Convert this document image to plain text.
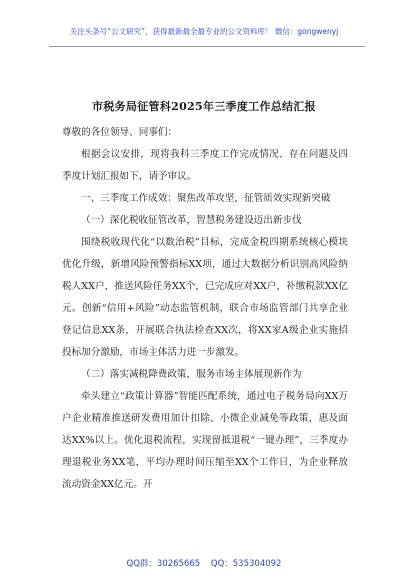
关注头条号“公文研究”，获得最新最全最专业的公文资料库！ 微信：gongwenyj
市税务局征管科2025年三季度工作总结汇报

尊敬的各位领导、同事们：

根据会议安排，现将我科三季度工作完成情况、存在问题及四季度计划汇报如下，请予审议。

一、三季度工作成效：聚焦改革攻坚，征管质效实现新突破

（一）深化税收征管改革，智慧税务建设迈出新步伐

围绕税收现代化“以数治税”目标，完成金税四期系统核心模块优化升级，新增风险预警指标XX项，通过大数据分析识别高风险纳税人XX户，推送风险任务XX个，已完成应对XX户，补缴税款XX亿元。创新“信用+风险”动态监管机制，联合市场监管部门共享企业登记信息XX条，开展联合执法检查XX次，将XX家A级企业实施招投标加分激励，市场主体活力进一步激发。

（二）落实减税降费政策，服务市场主体展现新作为

牵头建立“政策计算器”智能匹配系统，通过电子税务局向XX万户企业精准推送研发费用加计扣除、小微企业减免等政策，惠及面达XX%以上。优化退税流程，实现留抵退税“一键办理”，三季度办理退税业务XX笔，平均办理时间压缩至XX个工作日，为企业释放流动资金XX亿元。开

QQ群：30265665 QQ：535304092
